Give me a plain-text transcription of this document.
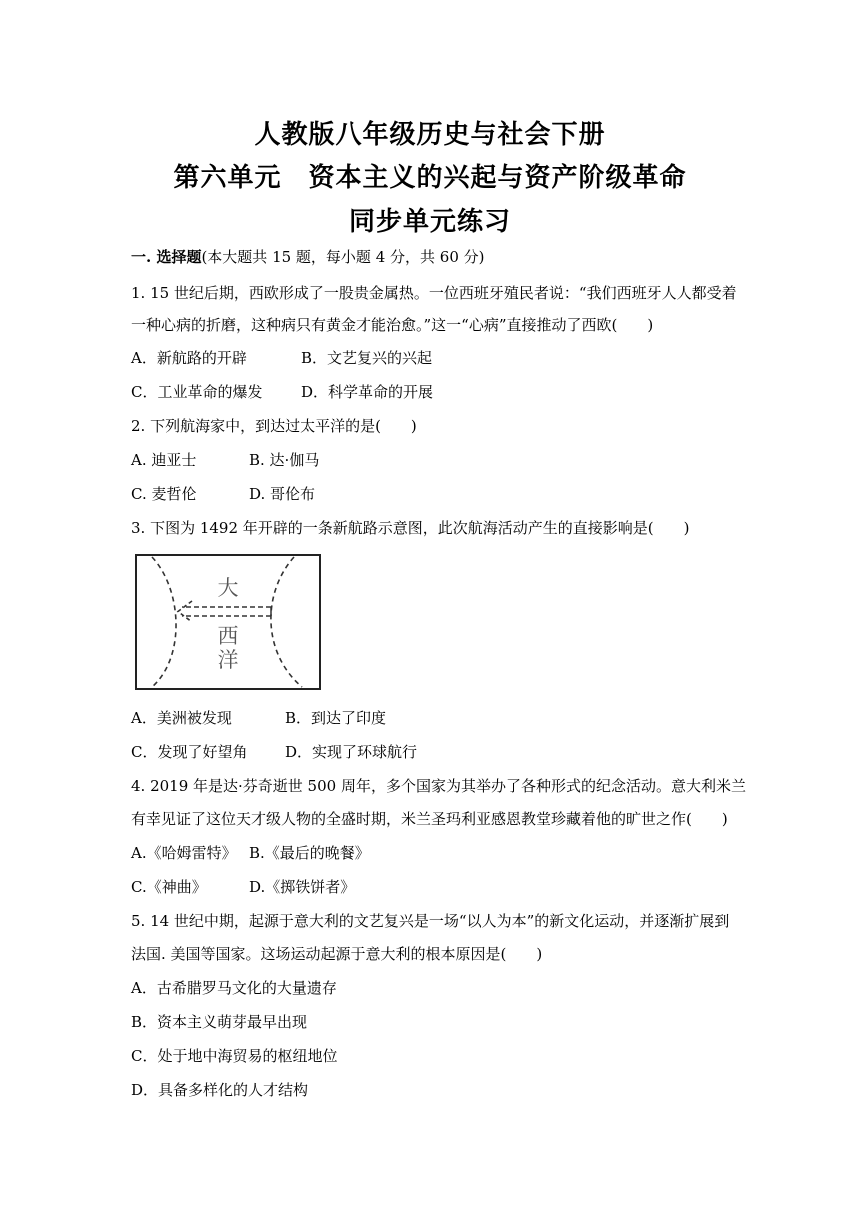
人教版八年级历史与社会下册
第六单元　资本主义的兴起与资产阶级革命
同步单元练习
一. 选择题(本大题共 15 题，每小题 4 分，共 60 分)
1. 15 世纪后期，西欧形成了一股贵金属热。一位西班牙殖民者说：“我们西班牙人人都受着
一种心病的折磨，这种病只有黄金才能治愈。”这一“心病”直接推动了西欧(　　)
A．新航路的开辟	B．文艺复兴的兴起
C．工业革命的爆发	D．科学革命的开展
2. 下列航海家中，到达过太平洋的是(　　)
A. 迪亚士	B. 达·伽马
C. 麦哲伦	D. 哥伦布
3. 下图为 1492 年开辟的一条新航路示意图，此次航海活动产生的直接影响是(　　)
大
西
洋
A．美洲被发现	B．到达了印度
C．发现了好望角	D．实现了环球航行
4. 2019 年是达·芬奇逝世 500 周年，多个国家为其举办了各种形式的纪念活动。意大利米兰
有幸见证了这位天才级人物的全盛时期，米兰圣玛利亚感恩教堂珍藏着他的旷世之作(　　)
A.《哈姆雷特》 B.《最后的晚餐》
C.《神曲》	D.《掷铁饼者》
5. 14 世纪中期，起源于意大利的文艺复兴是一场“以人为本”的新文化运动，并逐渐扩展到
法国. 美国等国家。这场运动起源于意大利的根本原因是(　　)
A．古希腊罗马文化的大量遗存
B．资本主义萌芽最早出现
C．处于地中海贸易的枢纽地位
D．具备多样化的人才结构
